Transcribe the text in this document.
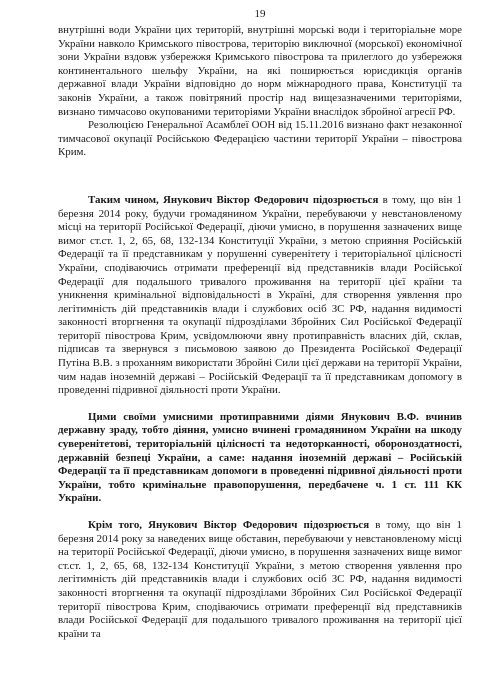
19

внутрішні води України цих територій, внутрішні морські води і територіальне море України навколо Кримського півострова, територію виключної (морської) економічної зони України вздовж узбережжя Кримського півострова та прилеглого до узбережжя континентального шельфу України, на які поширюється юрисдикція органів державної влади України відповідно до норм міжнародного права, Конституції та законів України, а також повітряний простір над вищезазначеними територіями, визнано тимчасово окупованими територіями України внаслідок збройної агресії РФ.

Резолюцією Генеральної Асамблеї ООН від 15.11.2016 визнано факт незаконної тимчасової окупації Російською Федерацією частини території України – півострова Крим.

Таким чином, Янукович Віктор Федорович підозрюється в тому, що він 1 березня 2014 року, будучи громадянином України, перебуваючи у невстановленому місці на території Російської Федерації, діючи умисно, в порушення зазначених вище вимог ст.ст. 1, 2, 65, 68, 132-134 Конституції України, з метою сприяння Російській Федерації та її представникам у порушенні суверенітету і територіальної цілісності України, сподіваючись отримати преференції від представників влади Російської Федерації для подальшого тривалого проживання на території цієї країни та уникнення кримінальної відповідальності в Україні, для створення уявлення про легітимність дій представників влади і службових осіб ЗС РФ, надання видимості законності вторгнення та окупації підрозділами Збройних Сил Російської Федерації території півострова Крим, усвідомлюючи явну протиправність власних дій, склав, підписав та звернувся з письмовою заявою до Президента Російської Федерації Путіна В.В. з проханням використати Збройні Сили цієї держави на території України, чим надав іноземній державі – Російській Федерації та її представникам допомогу в проведенні підривної діяльності проти України.

Цими своїми умисними протиправними діями Янукович В.Ф. вчинив державну зраду, тобто діяння, умисно вчинені громадянином України на шкоду суверенітетові, територіальній цілісності та недоторканності, обороноздатності, державній безпеці України, а саме: надання іноземній державі – Російській Федерації та її представникам допомоги в проведенні підривної діяльності проти України, тобто кримінальне правопорушення, передбачене ч. 1 ст. 111 КК України.

Крім того, Янукович Віктор Федорович підозрюється в тому, що він 1 березня 2014 року за наведених вище обставин, перебуваючи у невстановленому місці на території Російської Федерації, діючи умисно, в порушення зазначених вище вимог ст.ст. 1, 2, 65, 68, 132-134 Конституції України, з метою створення уявлення про легітимність дій представників влади і службових осіб ЗС РФ, надання видимості законності вторгнення та окупації підрозділами Збройних Сил Російської Федерації території півострова Крим, сподіваючись отримати преференції від представників влади Російської Федерації для подальшого тривалого проживання на території цієї країни та
